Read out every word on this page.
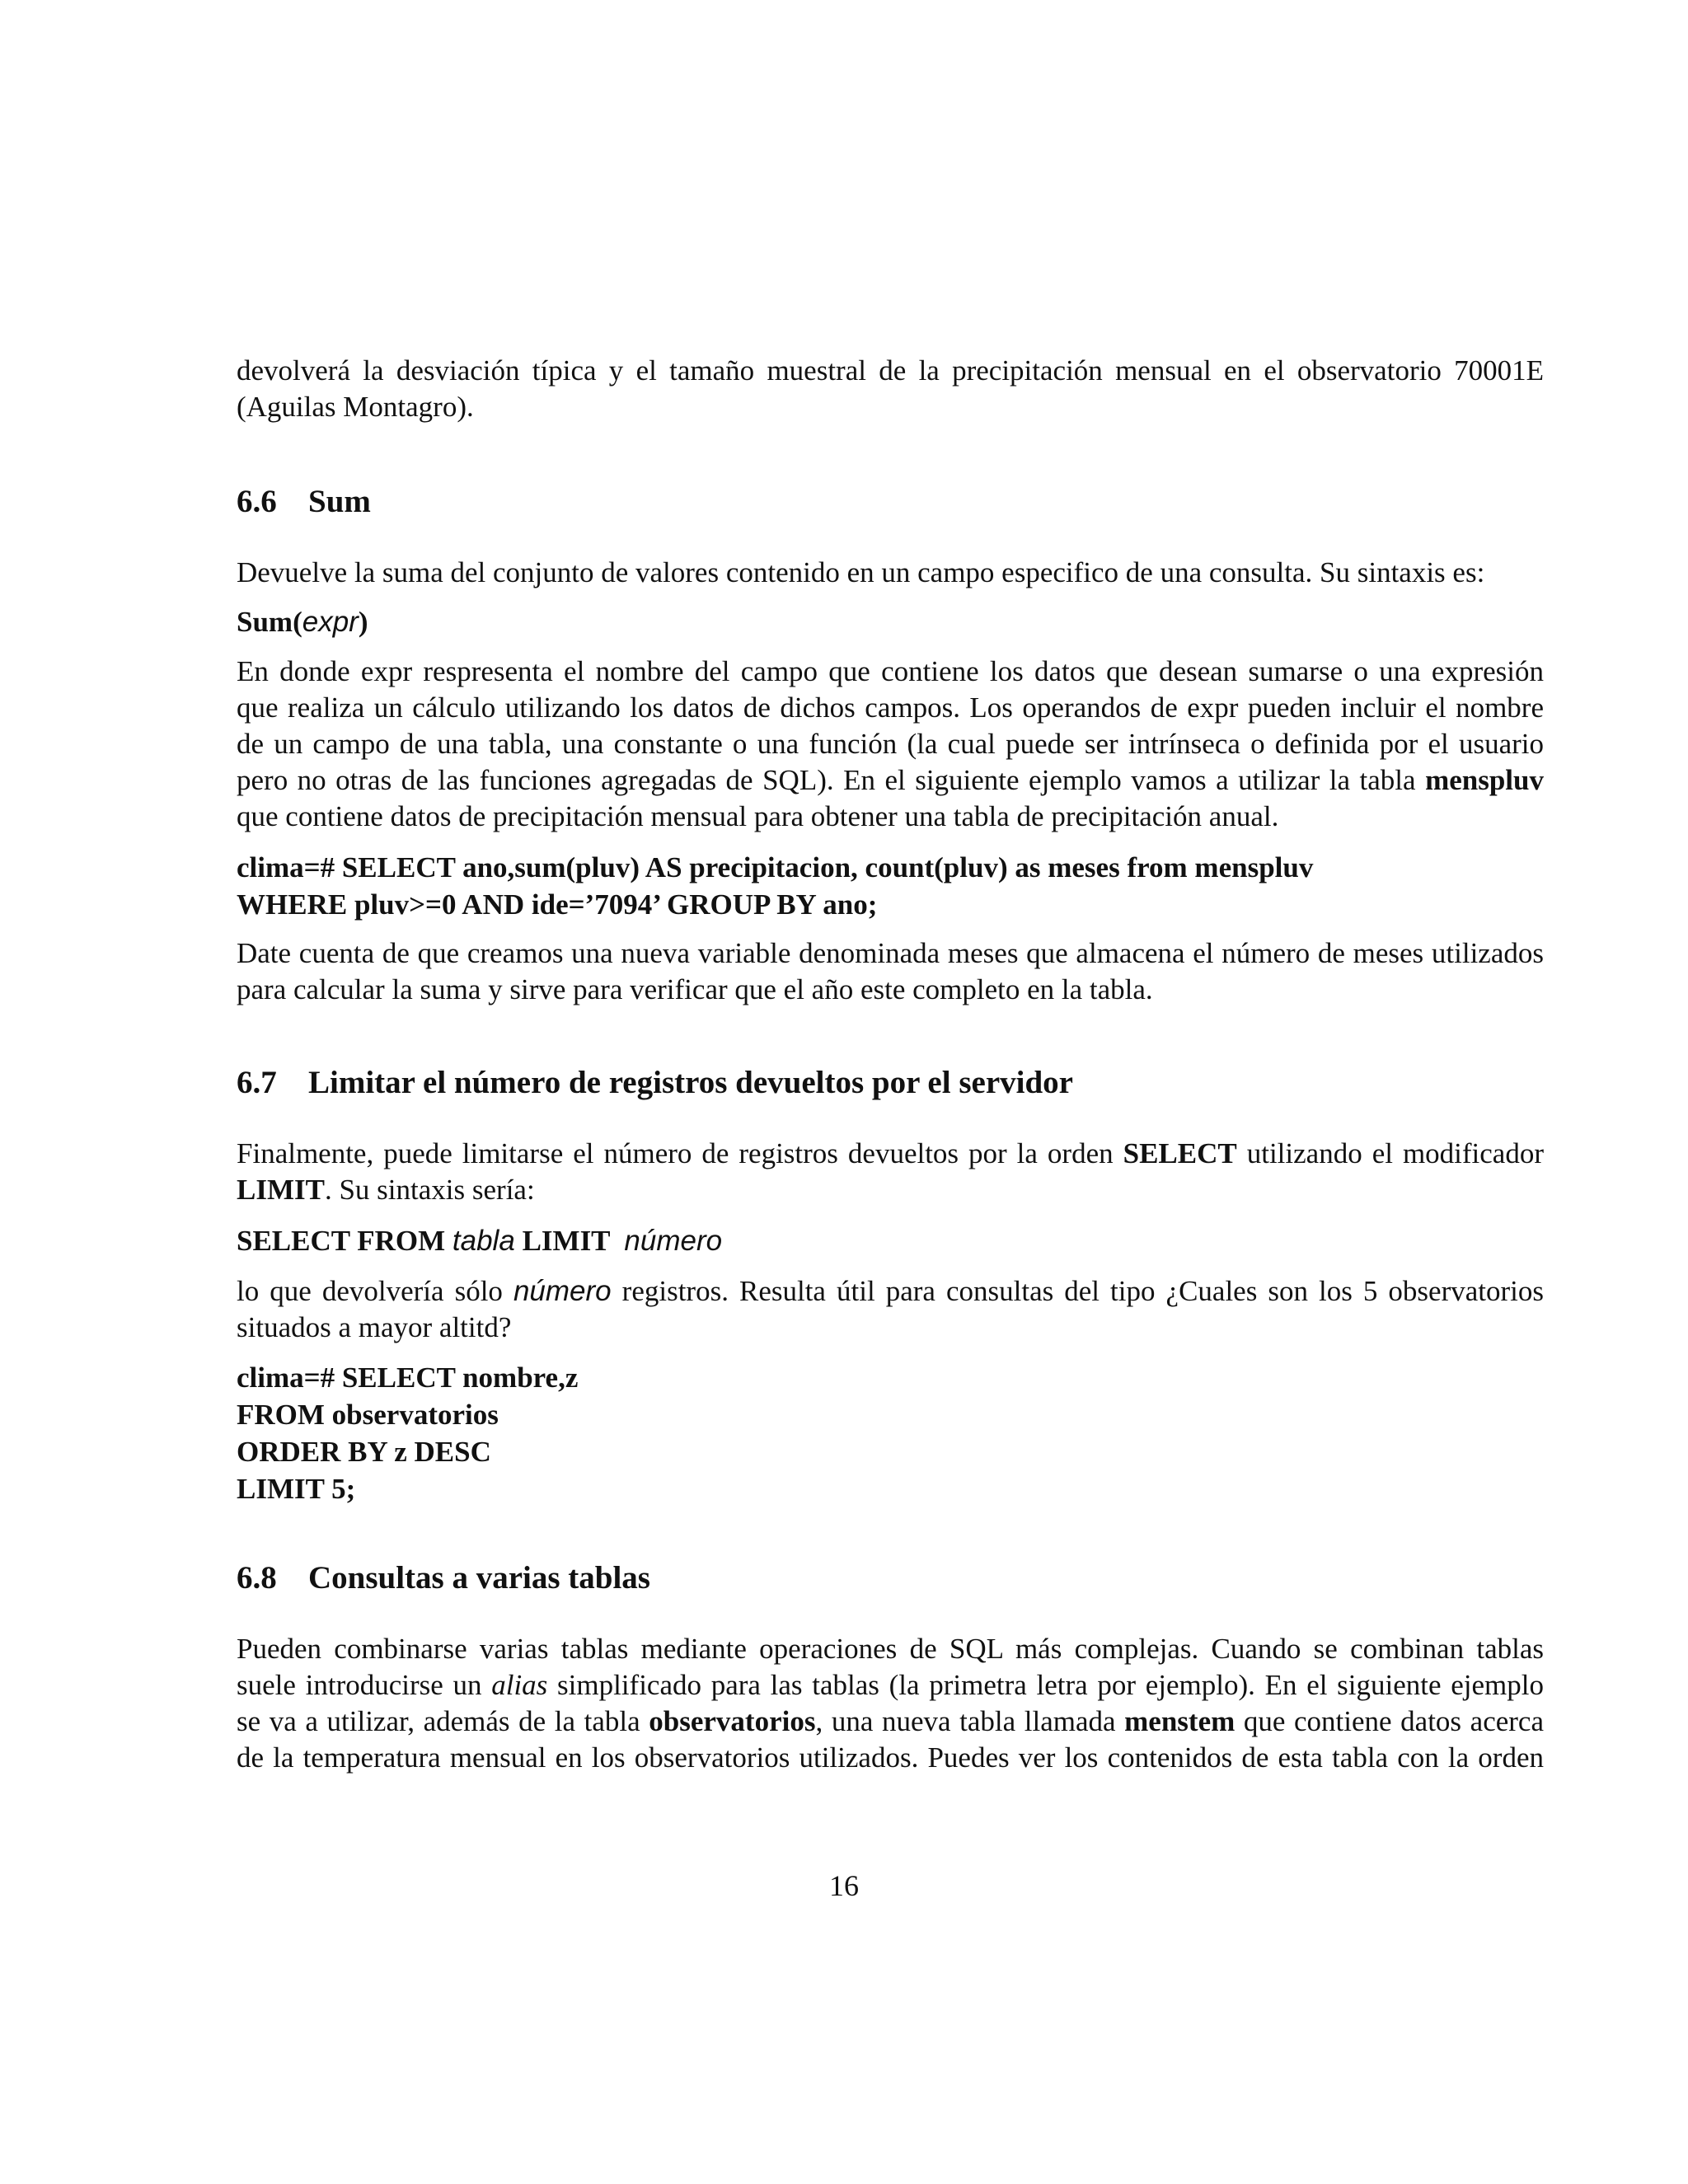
devolverá la desviación típica y el tamaño muestral de la precipitación mensual en el observatorio 70001E
(Aguilas Montagro).
6.6 Sum
Devuelve la suma del conjunto de valores contenido en un campo especifico de una consulta. Su sintaxis es:
Sum(expr)
En donde expr respresenta el nombre del campo que contiene los datos que desean sumarse o una expresión
que realiza un cálculo utilizando los datos de dichos campos. Los operandos de expr pueden incluir el nombre
de un campo de una tabla, una constante o una función (la cual puede ser intrínseca o definida por el usuario
pero no otras de las funciones agregadas de SQL). En el siguiente ejemplo vamos a utilizar la tabla menspluv
que contiene datos de precipitación mensual para obtener una tabla de precipitación anual.
clima=# SELECT ano,sum(pluv) AS precipitacion, count(pluv) as meses from menspluv
WHERE pluv>=0 AND ide=’7094’ GROUP BY ano;
Date cuenta de que creamos una nueva variable denominada meses que almacena el número de meses utilizados
para calcular la suma y sirve para verificar que el año este completo en la tabla.
6.7 Limitar el número de registros devueltos por el servidor
Finalmente, puede limitarse el número de registros devueltos por la orden SELECT utilizando el modificador
LIMIT. Su sintaxis sería:
SELECT FROM tabla LIMIT  número
lo que devolvería sólo número registros. Resulta útil para consultas del tipo ¿Cuales son los 5 observatorios
situados a mayor altitd?
clima=# SELECT nombre,z
FROM observatorios
ORDER BY z DESC
LIMIT 5;
6.8 Consultas a varias tablas
Pueden combinarse varias tablas mediante operaciones de SQL más complejas. Cuando se combinan tablas
suele introducirse un alias simplificado para las tablas (la primetra letra por ejemplo). En el siguiente ejemplo
se va a utilizar, además de la tabla observatorios, una nueva tabla llamada menstem que contiene datos acerca
de la temperatura mensual en los observatorios utilizados. Puedes ver los contenidos de esta tabla con la orden
16
